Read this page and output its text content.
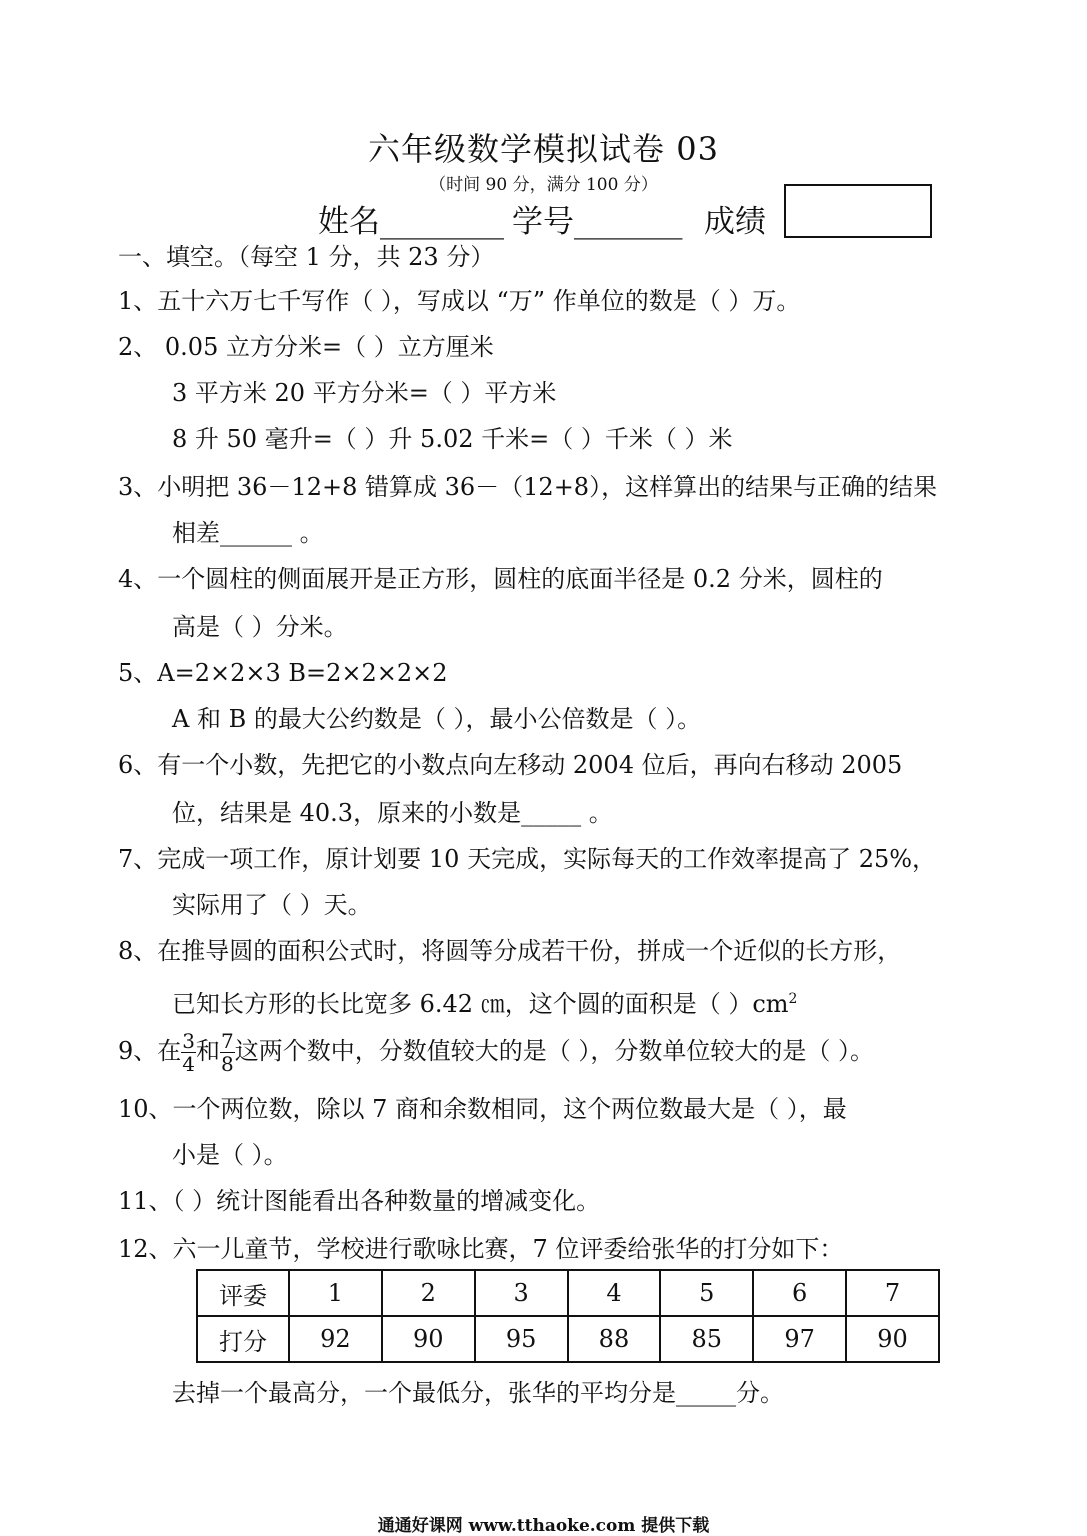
六年级数学模拟试卷 03
（时间 90 分，满分 100 分）
姓名________ 学号_______ 成绩
一、填空。（每空 1 分，共 23 分）
1、五十六万七千写作（ ），写成以 “万” 作单位的数是（ ）万。
2、 0.05 立方分米=（ ）立方厘米
3 平方米 20 平方分米=（ ）平方米
8 升 50 毫升=（ ）升 5.02 千米=（ ）千米（ ）米
3、小明把 36－12+8 错算成 36－（12+8），这样算出的结果与正确的结果
相差______ 。
4、一个圆柱的侧面展开是正方形，圆柱的底面半径是 0.2 分米，圆柱的
高是（ ）分米。
5、A=2×2×3 B=2×2×2×2
A 和 B 的最大公约数是（ ），最小公倍数是（ ）。
6、有一个小数，先把它的小数点向左移动 2004 位后，再向右移动 2005
位，结果是 40.3，原来的小数是_____ 。
7、完成一项工作，原计划要 10 天完成，实际每天的工作效率提高了 25%，
实际用了（ ）天。
8、在推导圆的面积公式时，将圆等分成若干份，拼成一个近似的长方形，
已知长方形的长比宽多 6.42 ㎝，这个圆的面积是（ ）$cm^2$
9、在 $\frac{3}{4}$ 和 $\frac{7}{8}$ 这两个数中，分数值较大的是（ ），分数单位较大的是（ ）。
10、一个两位数，除以 7 商和余数相同，这个两位数最大是（ ），最
小是（ ）。
11、（ ）统计图能看出各种数量的增减变化。
12、六一儿童节，学校进行歌咏比赛，7 位评委给张华的打分如下：
评委	1	2	3	4	5	6	7
打分	92	90	95	88	85	97	90
去掉一个最高分，一个最低分，张华的平均分是_____分。
通通好课网 www.tthaoke.com 提供下载
